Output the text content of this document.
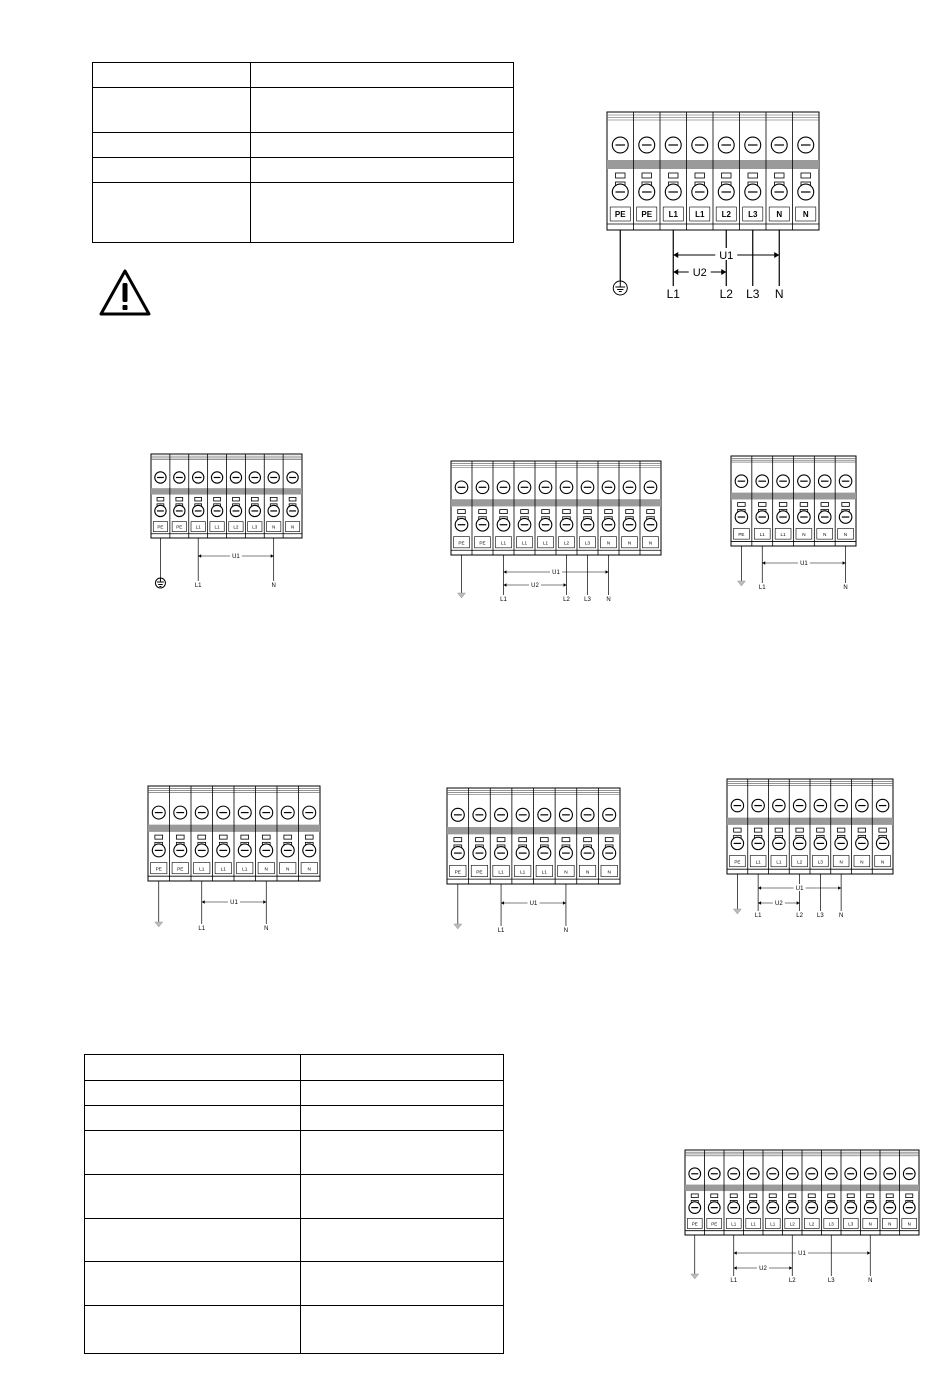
PE PE L1 L1 L2 L3 N	N
L1	L2 L3 N
U1
U2
PE	PE	L1	L1	L2	L3	N	N
L1	N
U1
PE	PE	L1	L1	L1	L2	L3	N	N	N
L1	L2 L3	N
U1
U2
PE	L1	L1	N	N	N
L1	N
U1
PE	PE	L1	L1	L1	N	N	N
L1	N
U1
PE	PE	L1	L1	L1	N	N	N
L1	N
U1
PE	L1	L1	L2	L3	N	N	N
L1	L2 L3	N
U1
U2
PE	PE	L1	L1	L1	L2	L2	L3	L3	N	N	N
L1	L2	L3	N
U1
U2
